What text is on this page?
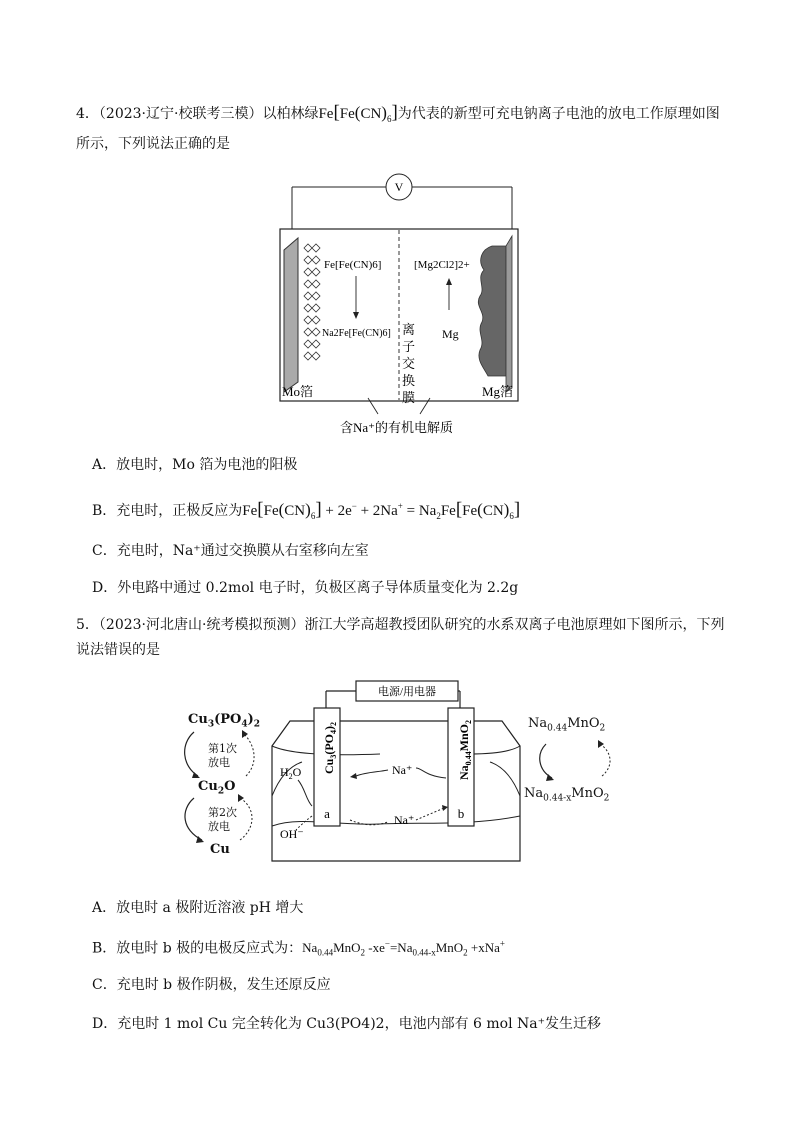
4．（2023·辽宁·校联考三模）以柏林绿$Fe[Fe(CN)_6]$为代表的新型可充电钠离子电池的放电工作原理如图
所示，下列说法正确的是
V
Fe[Fe(CN)6]
Na2Fe[Fe(CN)6]
[Mg2Cl2]2+
Mg
离子交换膜
Mo箔	Mg箔
含Na⁺的有机电解质
A．放电时，Mo 箔为电池的阳极
B．充电时，正极反应为$Fe[Fe(CN)_6] + 2e^- + 2Na^+ = Na_2Fe[Fe(CN)_6]$
C．充电时，Na⁺通过交换膜从右室移向左室
D．外电路中通过 0.2mol 电子时，负极区离子导体质量变化为 2.2g
5．（2023·河北唐山·统考模拟预测）浙江大学高超教授团队研究的水系双离子电池原理如下图所示，下列
说法错误的是
电源/用电器
$Cu_3(PO_4)_2$
a
$Na_{0.44}MnO_2$
b
$H_2O$
OH⁻
Na⁺
Na⁺
$Cu_3(PO_4)_2$
第1次
放电
$Cu_2O$
第2次
放电
Cu
$Na_{0.44}MnO_2$
$Na_{0.44-x}MnO_2$
A．放电时 a 极附近溶液 pH 增大
B．放电时 b 极的电极反应式为：$Na_{0.44}MnO_2$ $-xe^-=Na_{0.44-x}MnO_2 +xNa^+$
C．充电时 b 极作阴极，发生还原反应
D．充电时 1 mol Cu 完全转化为 Cu3(PO4)2，电池内部有 6 mol Na⁺发生迁移
